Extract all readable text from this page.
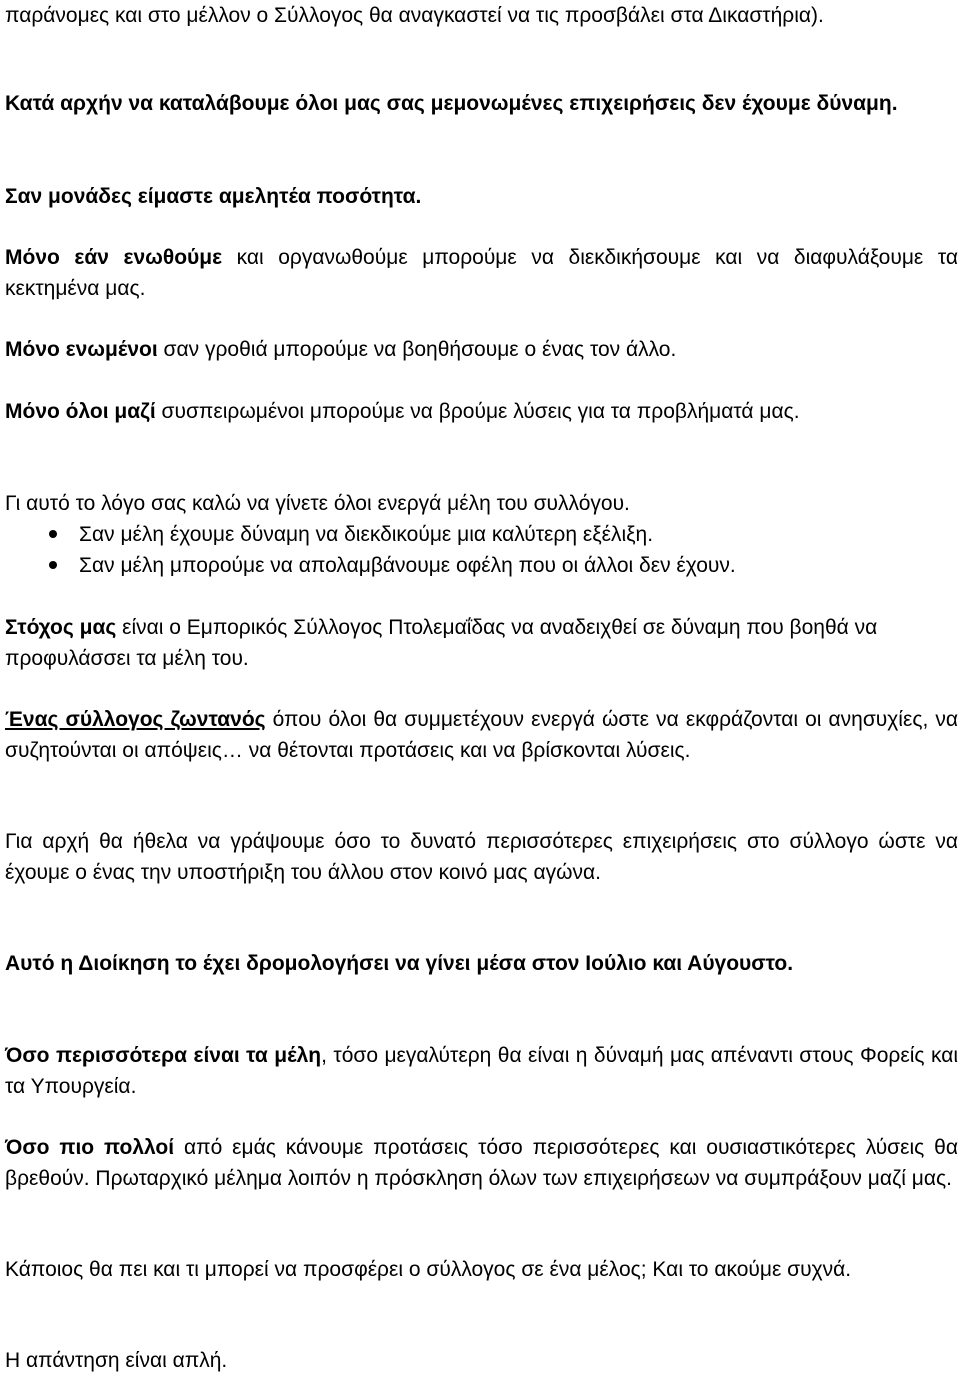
παράνομες και στο μέλλον ο Σύλλογος θα αναγκαστεί να τις προσβάλει στα Δικαστήρια).

Κατά αρχήν να καταλάβουμε όλοι μας σας μεμονωμένες επιχειρήσεις δεν έχουμε δύναμη.

Σαν μονάδες είμαστε αμελητέα ποσότητα.

Μόνο εάν ενωθούμε και οργανωθούμε μπορούμε να διεκδικήσουμε και να διαφυλάξουμε τα κεκτημένα μας.

Μόνο ενωμένοι σαν γροθιά μπορούμε να βοηθήσουμε ο ένας τον άλλο.

Μόνο όλοι μαζί συσπειρωμένοι μπορούμε να βρούμε λύσεις για τα προβλήματά μας.

Γι αυτό το λόγο σας καλώ να γίνετε όλοι ενεργά μέλη του συλλόγου.

Σαν μέλη έχουμε δύναμη να διεκδικούμε μια καλύτερη εξέλιξη.
Σαν μέλη μπορούμε να απολαμβάνουμε οφέλη που οι άλλοι δεν έχουν.

Στόχος μας είναι ο Εμπορικός Σύλλογος Πτολεμαΐδας να αναδειχθεί σε δύναμη που βοηθά να προφυλάσσει τα μέλη του.

Ένας σύλλογος ζωντανός όπου όλοι θα συμμετέχουν ενεργά ώστε να εκφράζονται οι ανησυχίες, να συζητούνται οι απόψεις… να θέτονται προτάσεις και να βρίσκονται λύσεις.

Για αρχή θα ήθελα να γράψουμε όσο το δυνατό περισσότερες επιχειρήσεις στο σύλλογο ώστε να έχουμε ο ένας την υποστήριξη του άλλου στον κοινό μας αγώνα.

Αυτό η Διοίκηση το έχει δρομολογήσει να γίνει μέσα στον Ιούλιο και Αύγουστο.

Όσο περισσότερα είναι τα μέλη, τόσο μεγαλύτερη θα είναι η δύναμή μας απέναντι στους Φορείς και τα Υπουργεία.

Όσο πιο πολλοί από εμάς κάνουμε προτάσεις τόσο περισσότερες και ουσιαστικότερες λύσεις θα βρεθούν. Πρωταρχικό μέλημα λοιπόν η πρόσκληση όλων των επιχειρήσεων να συμπράξουν μαζί μας.

Κάποιος θα πει και τι μπορεί να προσφέρει ο σύλλογος σε ένα μέλος; Και το ακούμε συχνά.

Η απάντηση είναι απλή.
